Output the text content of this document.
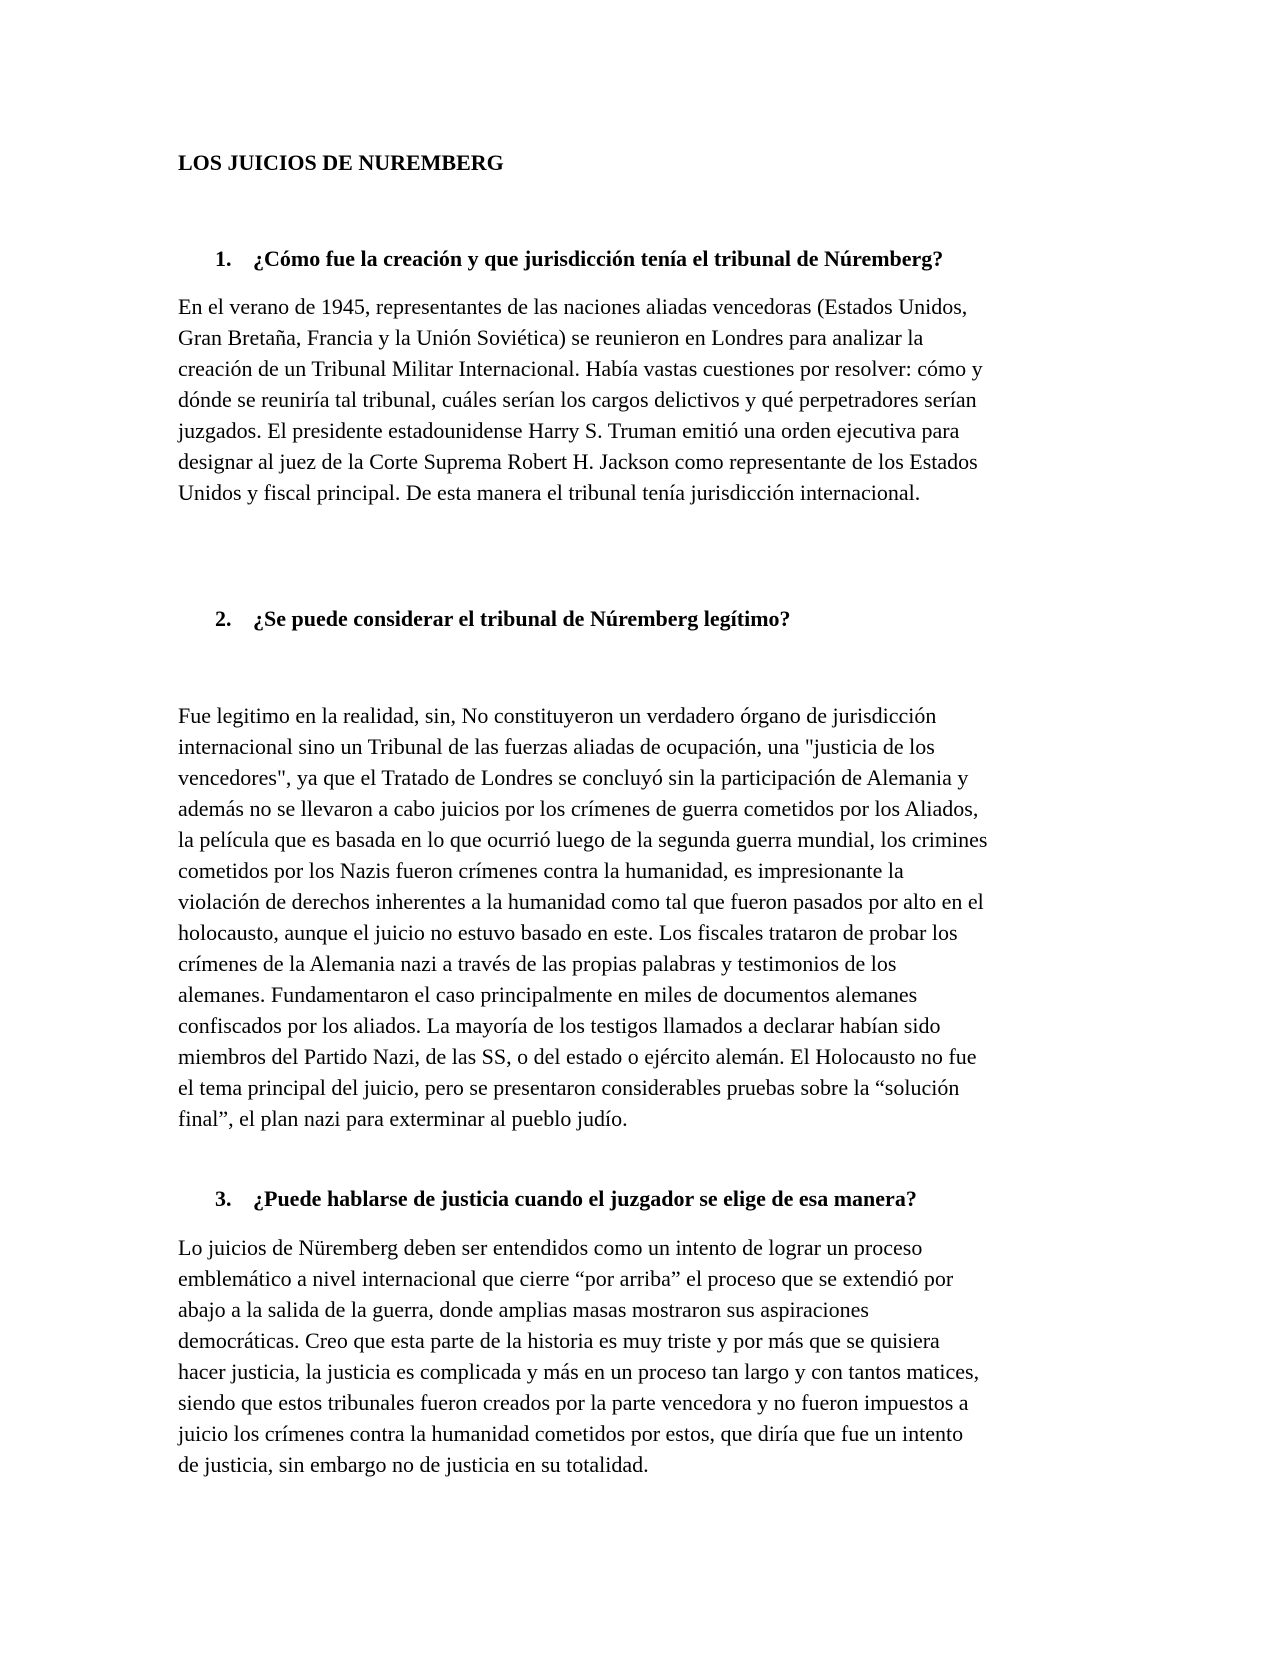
LOS JUICIOS DE NUREMBERG
1. ¿Cómo fue la creación y que jurisdicción tenía el tribunal de Núremberg?

En el verano de 1945, representantes de las naciones aliadas vencedoras (Estados Unidos,
Gran Bretaña, Francia y la Unión Soviética) se reunieron en Londres para analizar la
creación de un Tribunal Militar Internacional. Había vastas cuestiones por resolver: cómo y
dónde se reuniría tal tribunal, cuáles serían los cargos delictivos y qué perpetradores serían
juzgados. El presidente estadounidense Harry S. Truman emitió una orden ejecutiva para
designar al juez de la Corte Suprema Robert H. Jackson como representante de los Estados
Unidos y fiscal principal. De esta manera el tribunal tenía jurisdicción internacional.

2. ¿Se puede considerar el tribunal de Núremberg legítimo?

Fue legitimo en la realidad, sin, No constituyeron un verdadero órgano de jurisdicción
internacional sino un Tribunal de las fuerzas aliadas de ocupación, una "justicia de los
vencedores", ya que el Tratado de Londres se concluyó sin la participación de Alemania y
además no se llevaron a cabo juicios por los crímenes de guerra cometidos por los Aliados,
la película que es basada en lo que ocurrió luego de la segunda guerra mundial, los crimines
cometidos por los Nazis fueron crímenes contra la humanidad, es impresionante la
violación de derechos inherentes a la humanidad como tal que fueron pasados por alto en el
holocausto, aunque el juicio no estuvo basado en este. Los fiscales trataron de probar los
crímenes de la Alemania nazi a través de las propias palabras y testimonios de los
alemanes. Fundamentaron el caso principalmente en miles de documentos alemanes
confiscados por los aliados. La mayoría de los testigos llamados a declarar habían sido
miembros del Partido Nazi, de las SS, o del estado o ejército alemán. El Holocausto no fue
el tema principal del juicio, pero se presentaron considerables pruebas sobre la “solución
final”, el plan nazi para exterminar al pueblo judío.

3. ¿Puede hablarse de justicia cuando el juzgador se elige de esa manera?

Lo juicios de Nüremberg deben ser entendidos como un intento de lograr un proceso
emblemático a nivel internacional que cierre “por arriba” el proceso que se extendió por
abajo a la salida de la guerra, donde amplias masas mostraron sus aspiraciones
democráticas. Creo que esta parte de la historia es muy triste y por más que se quisiera
hacer justicia, la justicia es complicada y más en un proceso tan largo y con tantos matices,
siendo que estos tribunales fueron creados por la parte vencedora y no fueron impuestos a
juicio los crímenes contra la humanidad cometidos por estos, que diría que fue un intento
de justicia, sin embargo no de justicia en su totalidad.
